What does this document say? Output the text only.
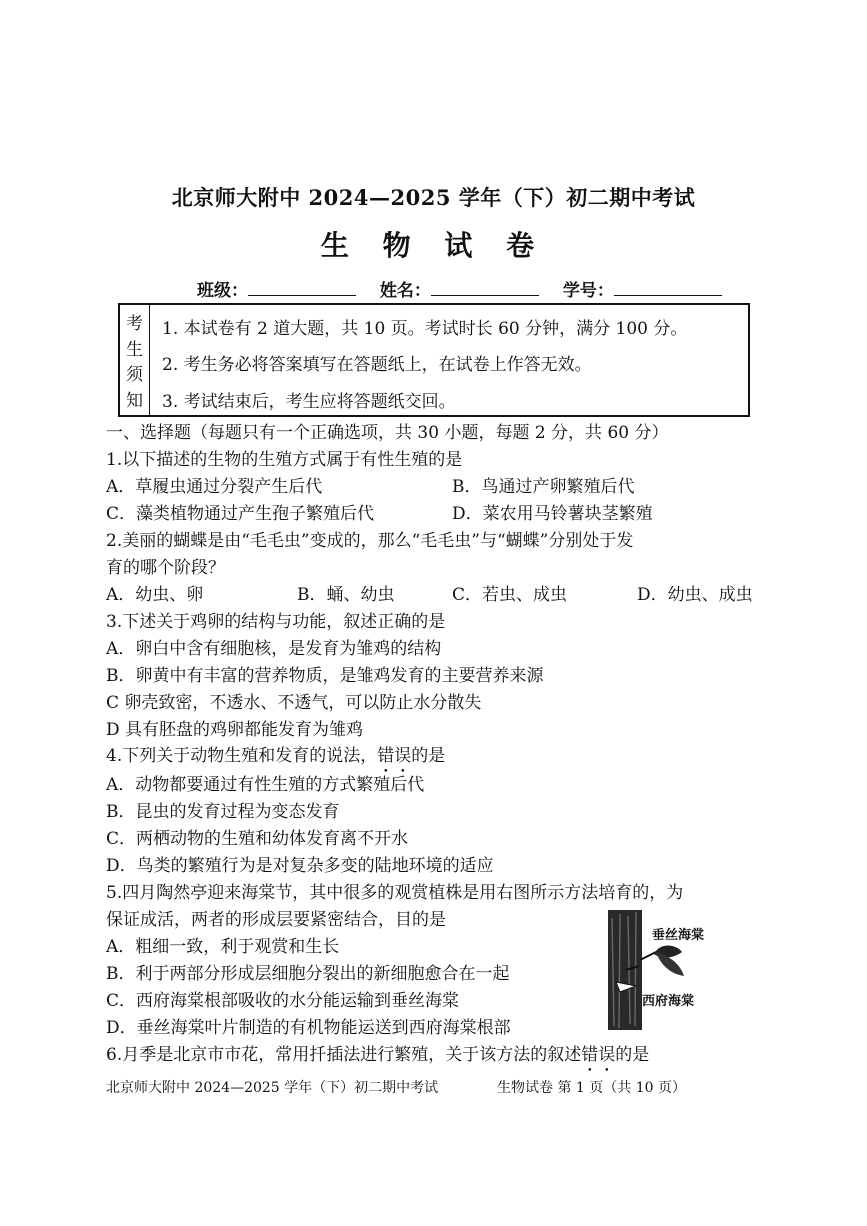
北京师大附中 2024—2025 学年（下）初二期中考试
生 物 试 卷
班级：	姓名：	学号：
考
生
须
知
1. 本试卷有 2 道大题，共 10 页。考试时长 60 分钟，满分 100 分。
2. 考生务必将答案填写在答题纸上，在试卷上作答无效。
3. 考试结束后，考生应将答题纸交回。
一、选择题（每题只有一个正确选项，共 30 小题，每题 2 分，共 60 分）
1.以下描述的生物的生殖方式属于有性生殖的是
A．草履虫通过分裂产生后代	B．鸟通过产卵繁殖后代
C．藻类植物通过产生孢子繁殖后代	D．菜农用马铃薯块茎繁殖
2.美丽的蝴蝶是由“毛毛虫”变成的，那么“毛毛虫”与“蝴蝶”分别处于发
育的哪个阶段？
A．幼虫、卵	B．蛹、幼虫	C．若虫、成虫	D．幼虫、成虫
3.下述关于鸡卵的结构与功能，叙述正确的是
A．卵白中含有细胞核，是发育为雏鸡的结构
B．卵黄中有丰富的营养物质，是雏鸡发育的主要营养来源
C 卵壳致密，不透水、不透气，可以防止水分散失
D 具有胚盘的鸡卵都能发育为雏鸡
4.下列关于动物生殖和发育的说法，错误的是
A．动物都要通过有性生殖的方式繁殖后代
B．昆虫的发育过程为变态发育
C．两栖动物的生殖和幼体发育离不开水
D．鸟类的繁殖行为是对复杂多变的陆地环境的适应
5.四月陶然亭迎来海棠节，其中很多的观赏植株是用右图所示方法培育的，为
保证成活，两者的形成层要紧密结合，目的是
A．粗细一致，利于观赏和生长
B．利于两部分形成层细胞分裂出的新细胞愈合在一起
C．西府海棠根部吸收的水分能运输到垂丝海棠
D．垂丝海棠叶片制造的有机物能运送到西府海棠根部
垂丝海棠
西府海棠
6.月季是北京市市花，常用扦插法进行繁殖，关于该方法的叙述错误的是
北京师大附中 2024—2025 学年（下）初二期中考试	生物试卷 第 1 页（共 10 页）
